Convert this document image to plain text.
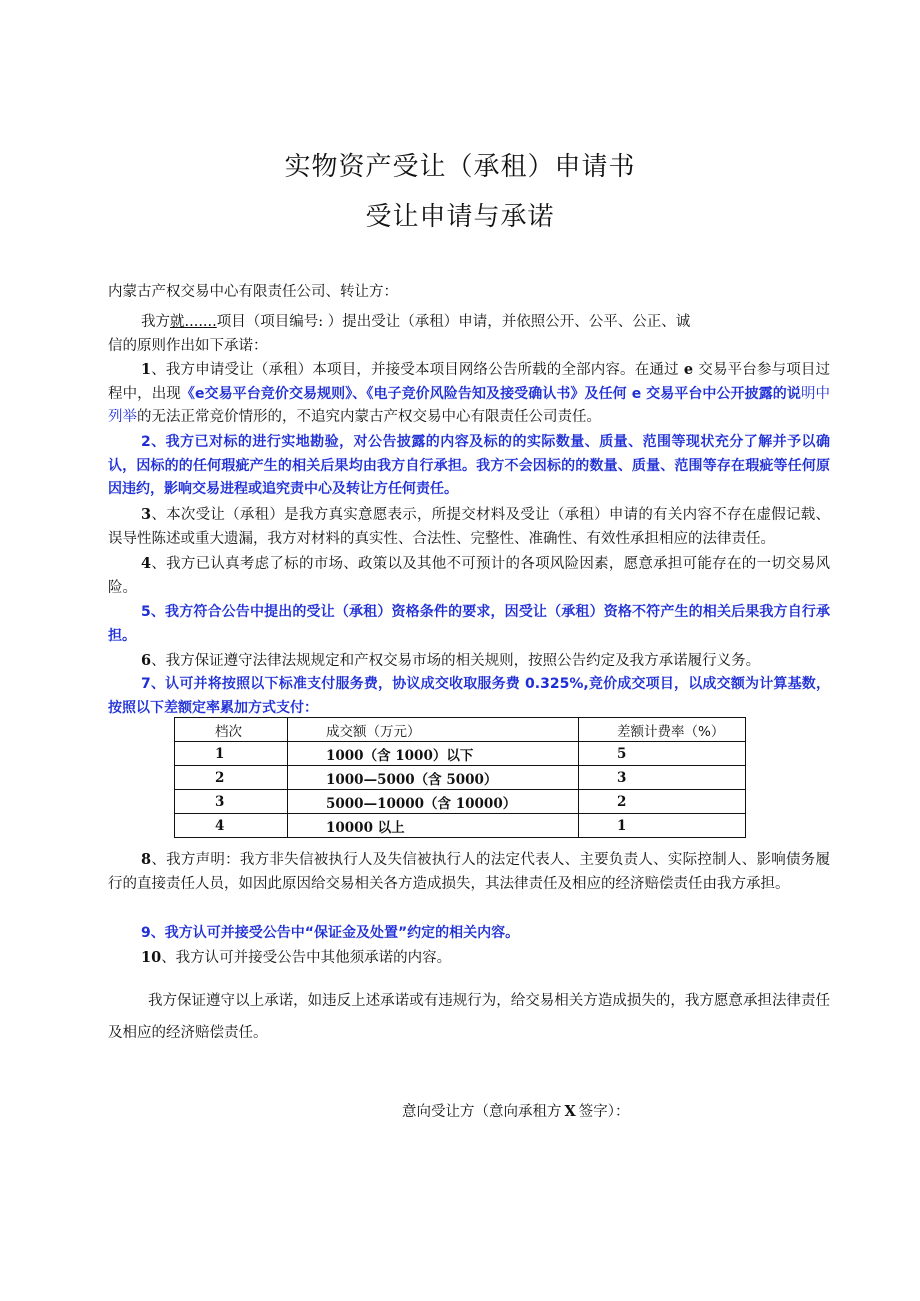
实物资产受让（承租）申请书
受让申请与承诺
内蒙古产权交易中心有限责任公司、转让方：
我方就.......项目（项目编号: ）提出受让（承租）申请，并依照公开、公平、公正、诚
信的原则作出如下承诺：
1、我方申请受让（承租）本项目，并接受本项目网络公告所载的全部内容。在通过 e 交易平台参与项目过程中，出现《e交易平台竞价交易规则》、《电子竞价风险告知及接受确认书》及任何 e 交易平台中公开披露的说明中列举的无法正常竞价情形的，不追究内蒙古产权交易中心有限责任公司责任。
2、我方已对标的进行实地勘验，对公告披露的内容及标的的实际数量、质量、范围等现状充分了解并予以确认，因标的的任何瑕疵产生的相关后果均由我方自行承担。我方不会因标的的数量、质量、范围等存在瑕疵等任何原因违约，影响交易进程或追究责中心及转让方任何责任。
3、本次受让（承租）是我方真实意愿表示，所提交材料及受让（承租）申请的有关内容不存在虚假记载、误导性陈述或重大遗漏，我方对材料的真实性、合法性、完整性、准确性、有效性承担相应的法律责任。
4、我方已认真考虑了标的市场、政策以及其他不可预计的各项风险因素，愿意承担可能存在的一切交易风险。
5、我方符合公告中提出的受让（承租）资格条件的要求，因受让（承租）资格不符产生的相关后果我方自行承担。
6、我方保证遵守法律法规规定和产权交易市场的相关规则，按照公告约定及我方承诺履行义务。
7、认可并将按照以下标准支付服务费，协议成交收取服务费 0.325%,竞价成交项目，以成交额为计算基数，按照以下差额定率累加方式支付：
档次	成交额（万元）	差额计费率（%）
1	1000（含 1000）以下	5
2	1000—5000（含 5000）	3
3	5000—10000（含 10000）	2
4	10000 以上	1
8、我方声明：我方非失信被执行人及失信被执行人的法定代表人、主要负责人、实际控制人、影响债务履行的直接责任人员，如因此原因给交易相关各方造成损失，其法律责任及相应的经济赔偿责任由我方承担。
9、我方认可并接受公告中“保证金及处置”约定的相关内容。
10、我方认可并接受公告中其他须承诺的内容。
我方保证遵守以上承诺，如违反上述承诺或有违规行为，给交易相关方造成损失的，我方愿意承担法律责任及相应的经济赔偿责任。
意向受让方（意向承租方 X 签字）：
